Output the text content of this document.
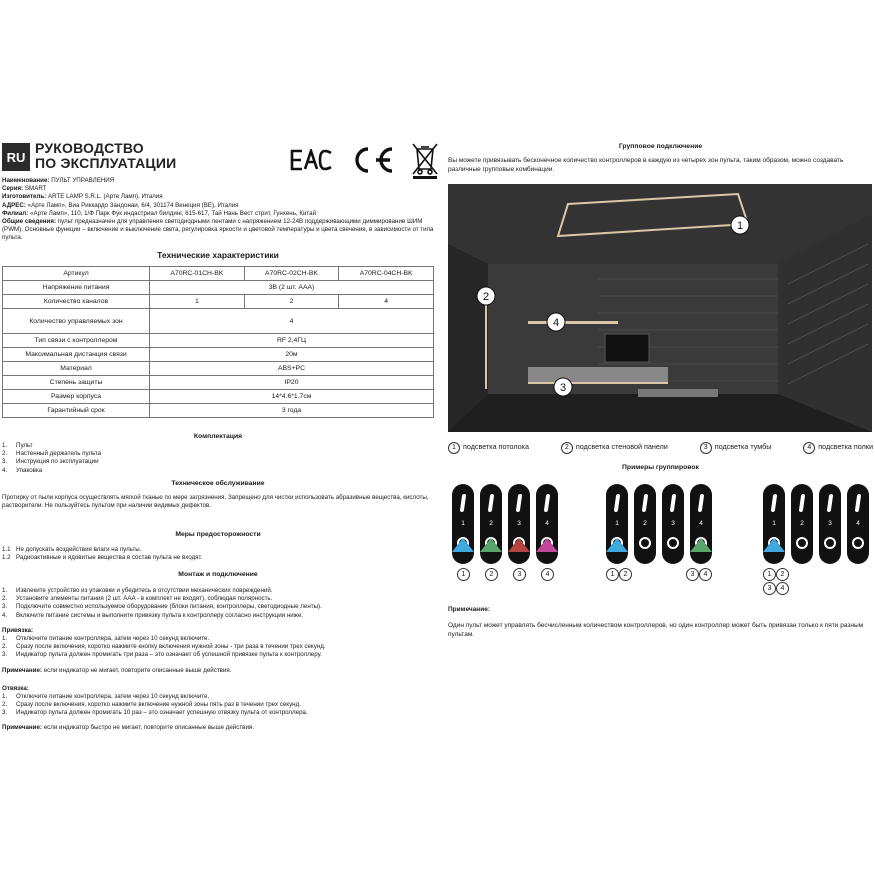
RU
РУКОВОДСТВО
ПО ЭКСПЛУАТАЦИИ
Наименование: ПУЛЬТ УПРАВЛЕНИЯ
Серия: SMART
Изготовитель: ARTE LAMP S.R.L. (Арте Ламп), Италия
АДРЕС: «Арте Ламп», Виа Риккардо Зандонаи, 6/4, 301174 Венеция (ВЕ), Италия
Филиал: «Арте Ламп», 110, 1/Ф Парк Фук индастриал билдинг, 615-617, Тай Нань Вест стрит, Гунхень, Китай
Общие сведения: пульт предназначен для управления светодиодными лентами с напряжением 12-24В поддерживающими диммирование ШИМ (PWM). Основные функции – включение и выключение света, регулировка яркости и цветовой температуры и цвета свечения, в зависимости от типа пульта.
Технические характеристики
Артикул	A70RC-01CH-BK	A70RC-02CH-BK	A70RC-04CH-BK
Напряжение питания	3В (2 шт. AAA)		
Количество каналов	1	2	4
Количество управляемых зон	4		
Тип связи с контроллером	RF 2,4ГЦ		
Максимальная дистанция связи	20м		
Материал	ABS+PC		
Степень защиты	IP20		
Размер корпуса	14*4.6*1.7см		
Гарантийный срок	3 года		
Комплектация
1.	Пульт
2.	Настенный держатель пульта
3.	Инструкция по эксплуатации
4.	Упаковка
Техническое обслуживание
Протирку от пыли корпуса осуществлять мягкой тканью по мере загрязнения. Запрещено для чистки использовать абразивные вещества, кислоты, растворители. Не пользуйтесь пультом при наличии видимых дефектов.
Меры предосторожности
1.1 Не допускать воздействия влаги на пульты.
1.2 Радиоактивные и ядовитые вещества в состав пульта не входят.
Монтаж и подключение
1.	Извлеките устройство из упаковки и убедитесь в отсутствии механических повреждений.
2.	Установите элементы питания (2 шт. AAA - в комплект не входят), соблюдая полярность.
3.	Подключите совместно используемое оборудование (блоки питания, контроллеры, светодиодные ленты).
4.	Включите питание системы и выполните привязку пульта к контроллеру согласно инструкции ниже.
Привязка:
1.	Отключите питание контроллера, затем через 10 секунд включите.
2.	Сразу после включения, коротко нажмите кнопку включения нужной зоны - три раза в течении трех секунд.
3.	Индикатор пульта должен промигать три раза – это означает об успешной привязке пульта к контроллеру.
Примечание: если индикатор не мигает, повторите описанные выше действия.
Отвязка:
1.	Отключите питание контроллера, затем через 10 секунд включите.
2.	Сразу после включения, коротко нажмите включение нужной зоны пять раз в течении трех секунд.
3.	Индикатор пульта должен промигать 10 раз – это означает успешную отвязку пульта от контроллера.
Примечание: если индикатор быстро не мигает, повторите описанные выше действия.
Групповое подключение
Вы можете привязывать бесконечное количество контроллеров в каждую из четырех зон пульта, таким образом, можно создавать различные групповые комбинации.
1
2
3
4
1 подсветка потолока	2 подсветка стеновой панели	3 подсветка тумбы	4 подсветка полки
Примеры группировок
1	2	3	4
1	2	3	4
1	2	3	4
1	2	3	4
1	2	3	4
1	2
3	4
Примечание:
Один пульт может управлять бесчисленным количеством контроллеров, но один контроллер может быть привязан только к пяти разным пультам.
